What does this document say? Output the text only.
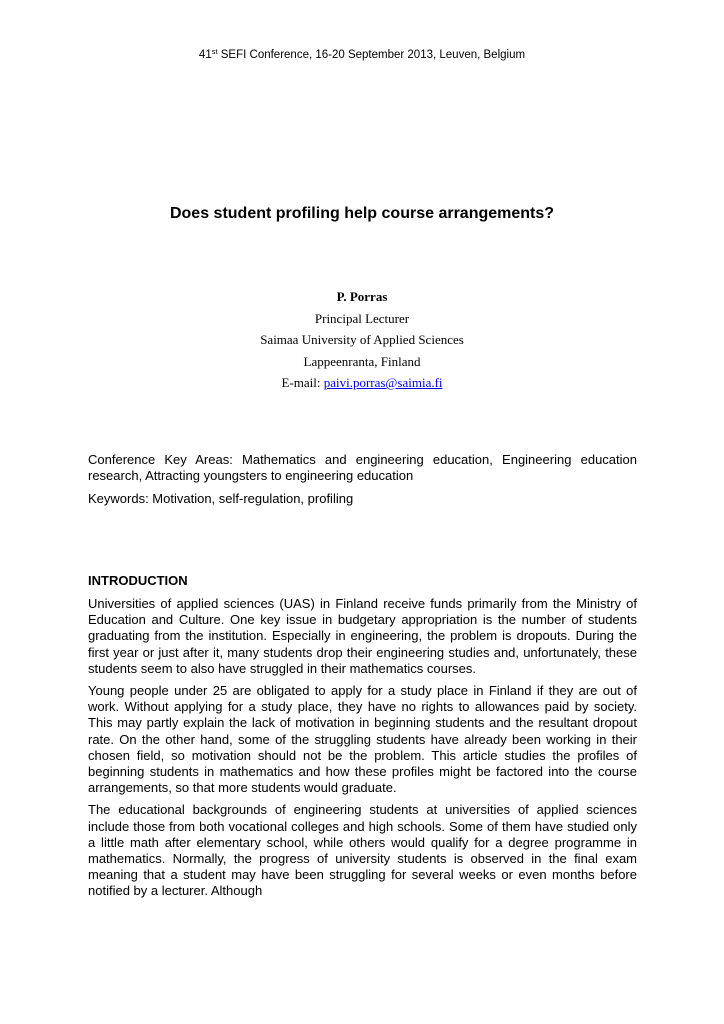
41st SEFI Conference, 16-20 September 2013, Leuven, Belgium
Does student profiling help course arrangements?
P. Porras
Principal Lecturer
Saimaa University of Applied Sciences
Lappeenranta, Finland
E-mail: paivi.porras@saimia.fi

Conference Key Areas: Mathematics and engineering education, Engineering education research, Attracting youngsters to engineering education

Keywords: Motivation, self-regulation, profiling

INTRODUCTION

Universities of applied sciences (UAS) in Finland receive funds primarily from the Ministry of Education and Culture. One key issue in budgetary appropriation is the number of students graduating from the institution. Especially in engineering, the problem is dropouts. During the first year or just after it, many students drop their engineering studies and, unfortunately, these students seem to also have struggled in their mathematics courses.

Young people under 25 are obligated to apply for a study place in Finland if they are out of work. Without applying for a study place, they have no rights to allowances paid by society. This may partly explain the lack of motivation in beginning students and the resultant dropout rate. On the other hand, some of the struggling students have already been working in their chosen field, so motivation should not be the problem. This article studies the profiles of beginning students in mathematics and how these profiles might be factored into the course arrangements, so that more students would graduate.

The educational backgrounds of engineering students at universities of applied sciences include those from both vocational colleges and high schools. Some of them have studied only a little math after elementary school, while others would qualify for a degree programme in mathematics. Normally, the progress of university students is observed in the final exam meaning that a student may have been struggling for several weeks or even months before notified by a lecturer. Although
